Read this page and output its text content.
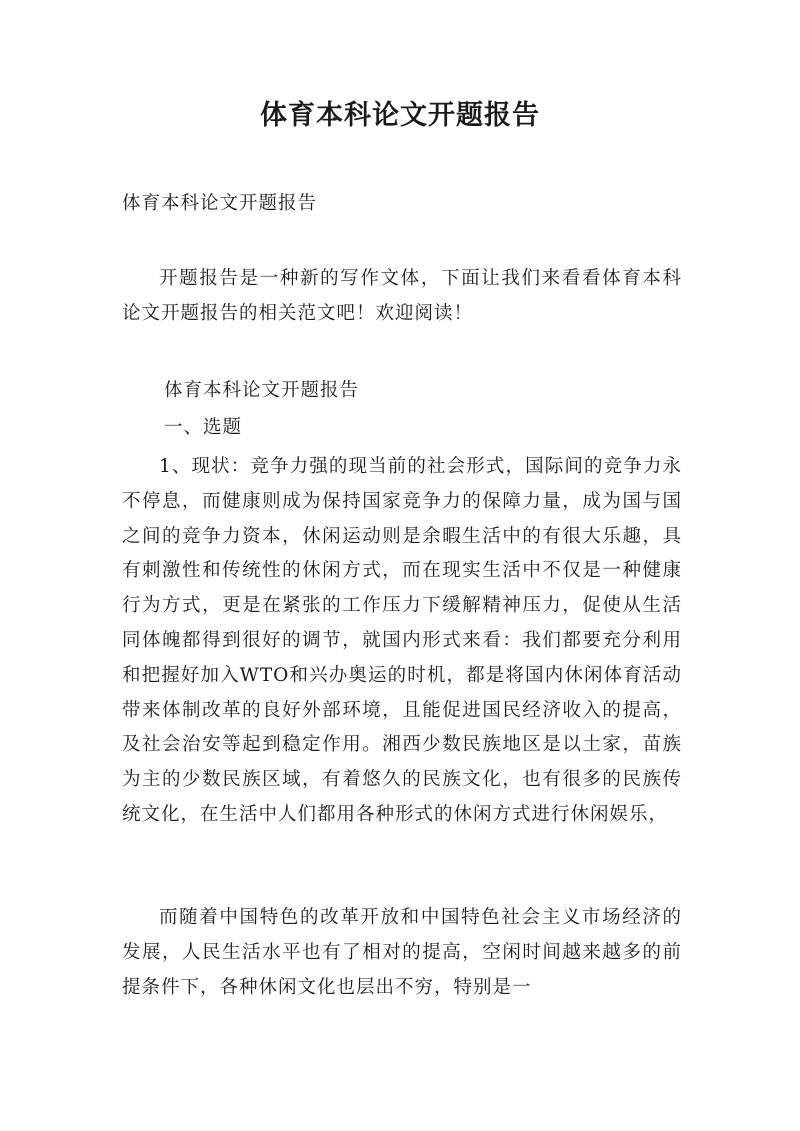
体育本科论文开题报告

体育本科论文开题报告

开题报告是一种新的写作文体，下面让我们来看看体育本科论文开题报告的相关范文吧！欢迎阅读！

体育本科论文开题报告

一、选题

1、现状：竞争力强的现当前的社会形式，国际间的竞争力永不停息，而健康则成为保持国家竞争力的保障力量，成为国与国之间的竞争力资本，休闲运动则是余暇生活中的有很大乐趣，具有刺激性和传统性的休闲方式，而在现实生活中不仅是一种健康行为方式，更是在紧张的工作压力下缓解精神压力，促使从生活同体魄都得到很好的调节，就国内形式来看：我们都要充分利用和把握好加入WTO和兴办奥运的时机，都是将国内休闲体育活动带来体制改革的良好外部环境，且能促进国民经济收入的提高，及社会治安等起到稳定作用。湘西少数民族地区是以土家，苗族为主的少数民族区域，有着悠久的民族文化，也有很多的民族传统文化，在生活中人们都用各种形式的休闲方式进行休闲娱乐，

而随着中国特色的改革开放和中国特色社会主义市场经济的发展，人民生活水平也有了相对的提高，空闲时间越来越多的前提条件下，各种休闲文化也层出不穷，特别是一
